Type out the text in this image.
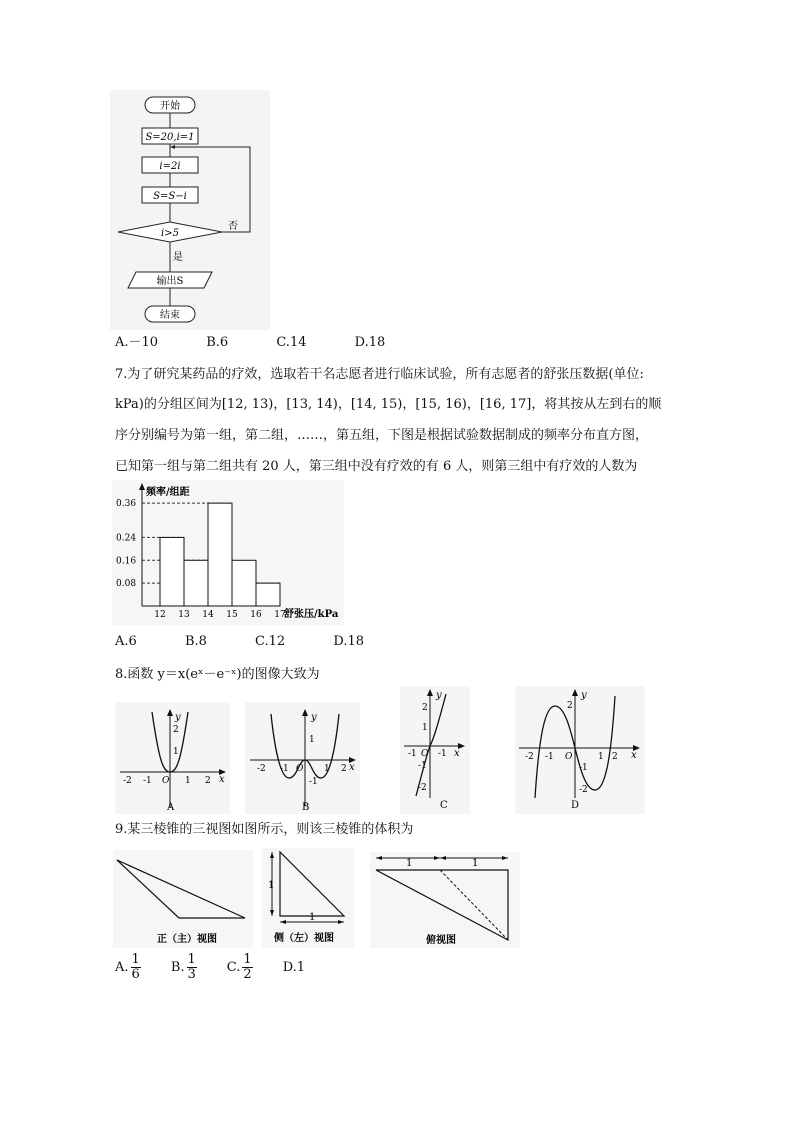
开始
S=20,i=1
i=2i
S=S−i
i>5
否
是
输出S
结束
A.－10	B.6	C.14	D.18
7.为了研究某药品的疗效，选取若干名志愿者进行临床试验，所有志愿者的舒张压数据(单位:
kPa)的分组区间为[12, 13)，[13, 14)，[14, 15)，[15, 16)，[16, 17]，将其按从左到右的顺
序分别编号为第一组，第二组，……，第五组，下图是根据试验数据制成的频率分布直方图，
已知第一组与第二组共有 20 人，第三组中没有疗效的有 6 人，则第三组中有疗效的人数为
0.36
0.24
0.16
0.08
12 13 14 15 16 17
频率/组距
舒张压/kPa
A.6	B.8	C.12	D.18
8.函数 y＝x(eˣ－e⁻ˣ)的图像大致为
y
x
-2 -1 O 1 2
1
2
A
y
x
-2 -1 O 1 2
-1
1
B
y
x
-1 O -1
2
1
-1
-2
C
y
x
-2 -1 O	1 2
2
-1
-2
D
9.某三棱锥的三视图如图所示，则该三棱锥的体积为
正（主）视图
1
1
侧（左）视图
1	1
俯视图
A. $\frac{1}{6} B$. $\frac{1}{3} C$. $\frac{1}{2} D.1$
